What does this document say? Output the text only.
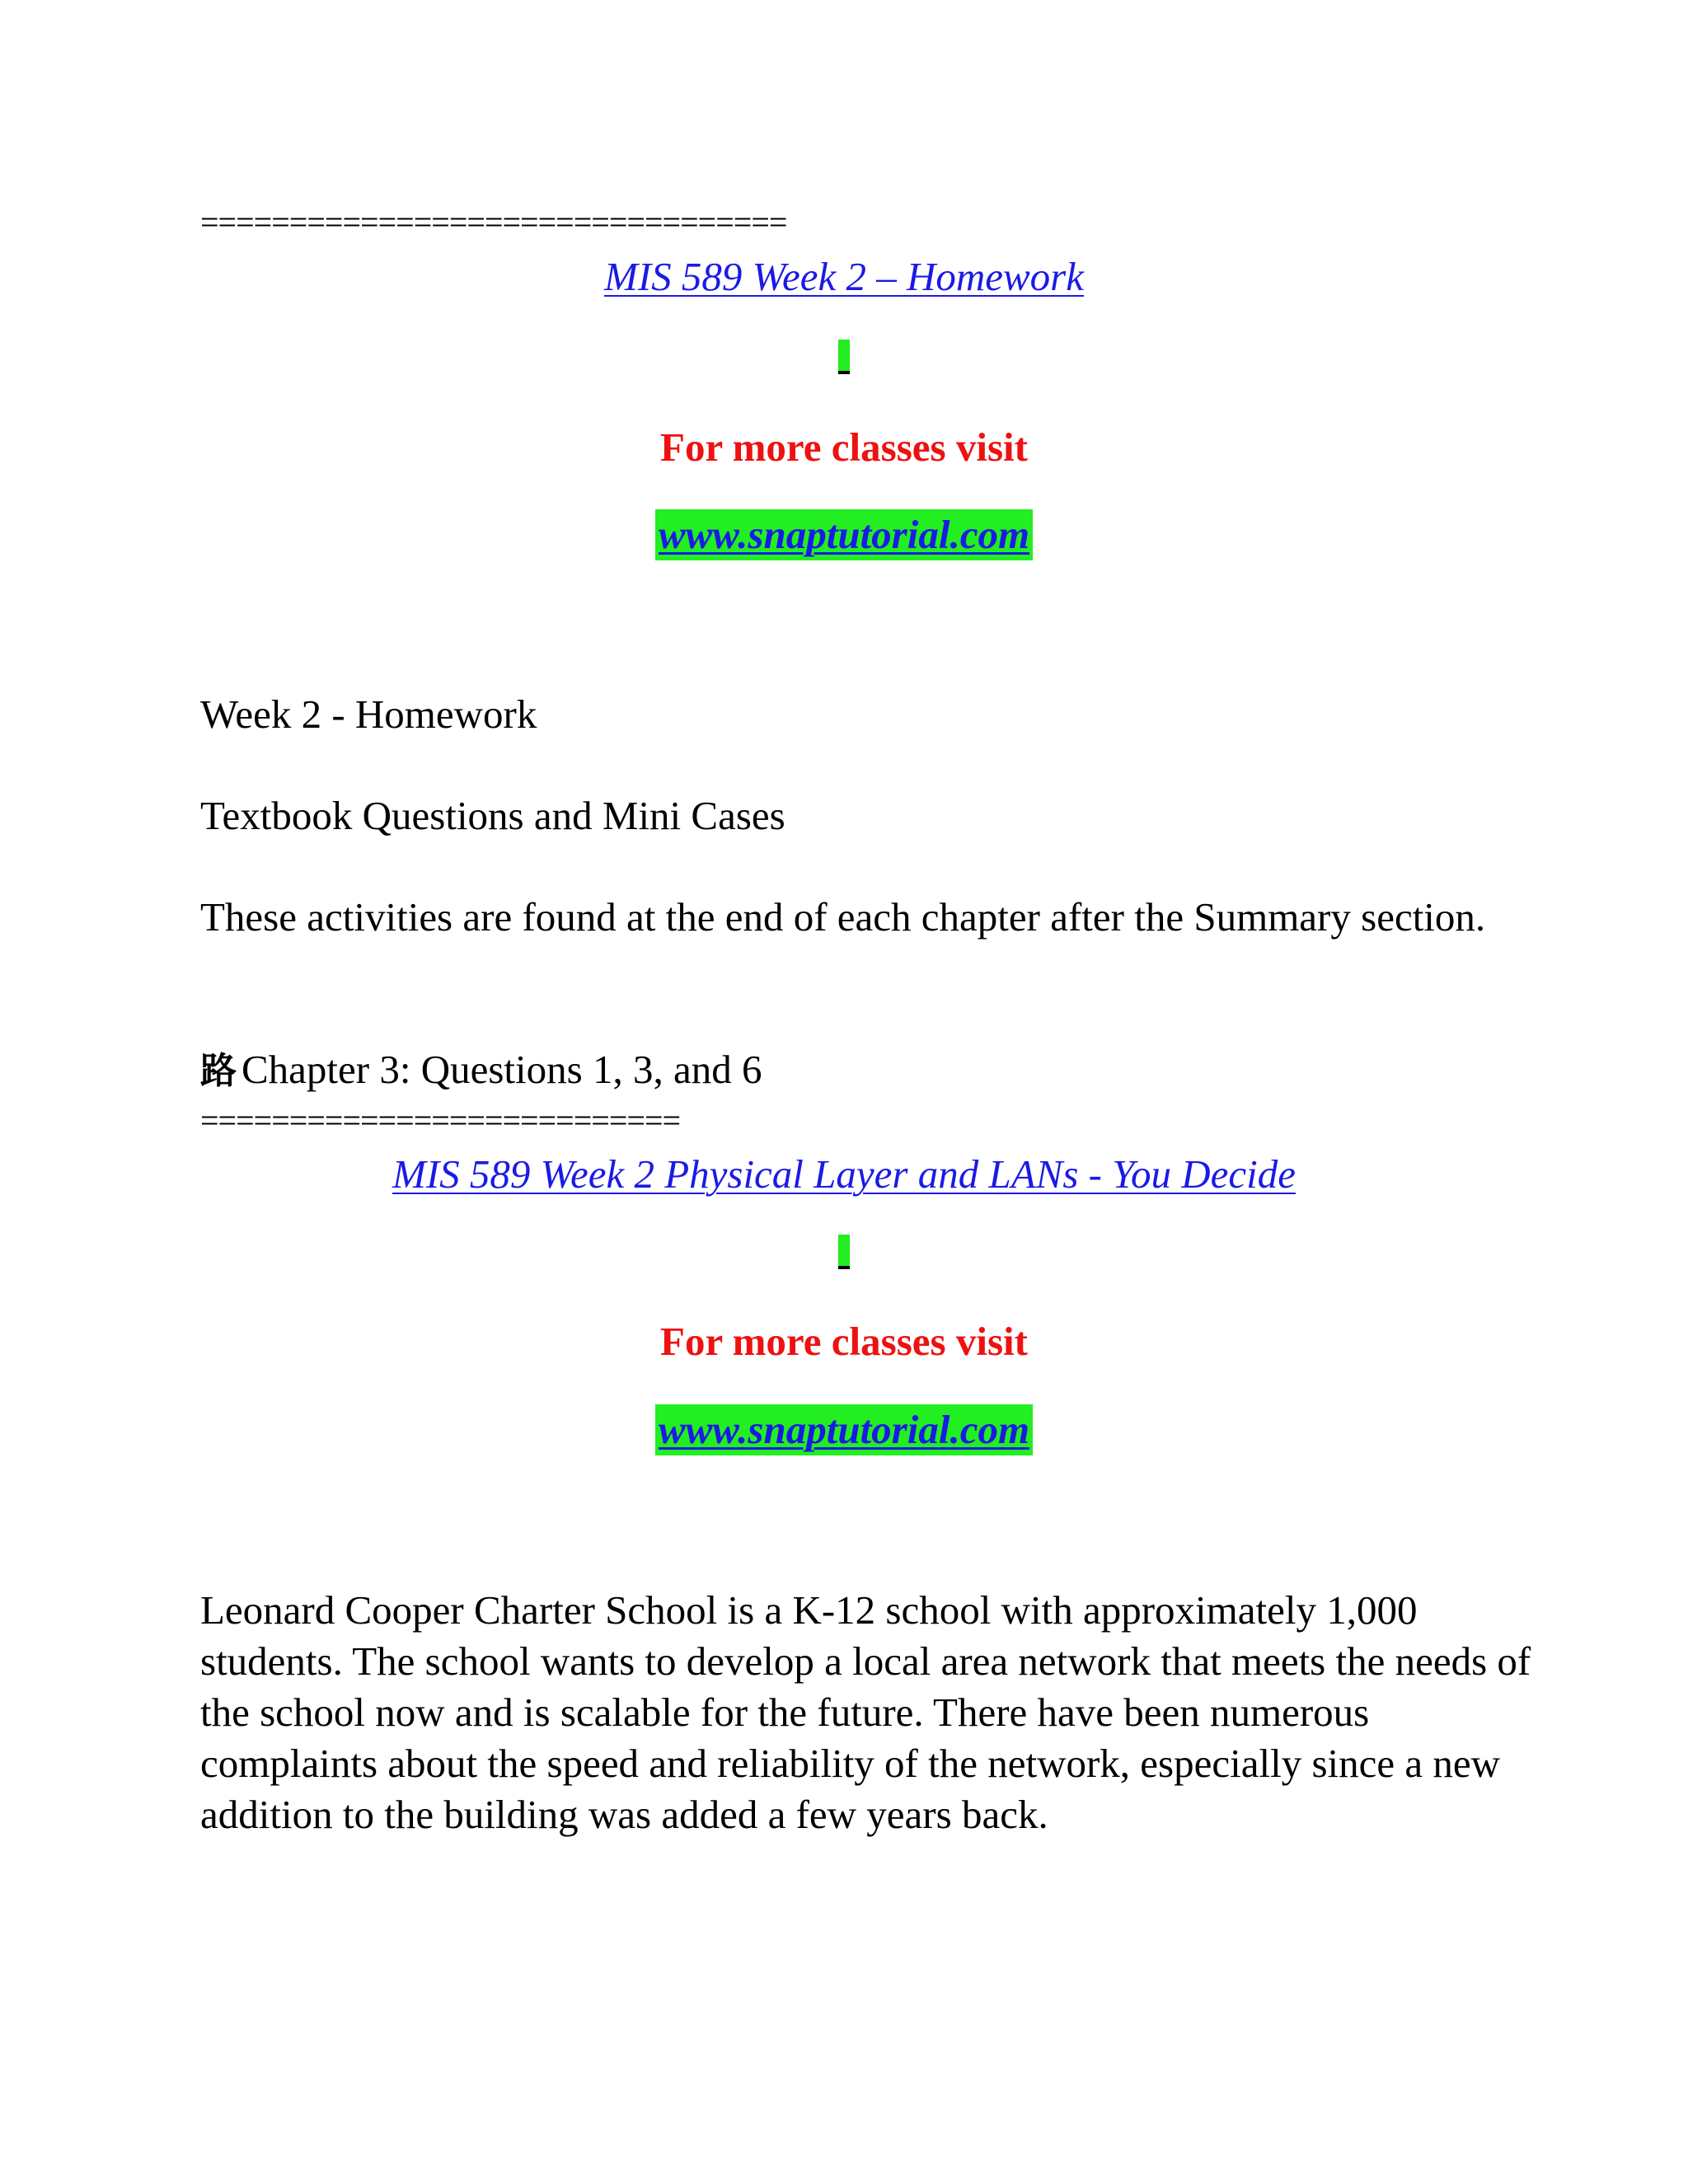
=================================
MIS 589 Week 2 – Homework
For more classes visit
www.snaptutorial.com
Week 2 - Homework
Textbook Questions and Mini Cases
These activities are found at the end of each chapter after the Summary section.
路 Chapter 3: Questions 1, 3, and 6
===========================
MIS 589 Week 2 Physical Layer and LANs - You Decide
For more classes visit
www.snaptutorial.com
Leonard Cooper Charter School is a K-12 school with approximately 1,000 students. The school wants to develop a local area network that meets the needs of the school now and is scalable for the future. There have been numerous complaints about the speed and reliability of the network, especially since a new addition to the building was added a few years back.
